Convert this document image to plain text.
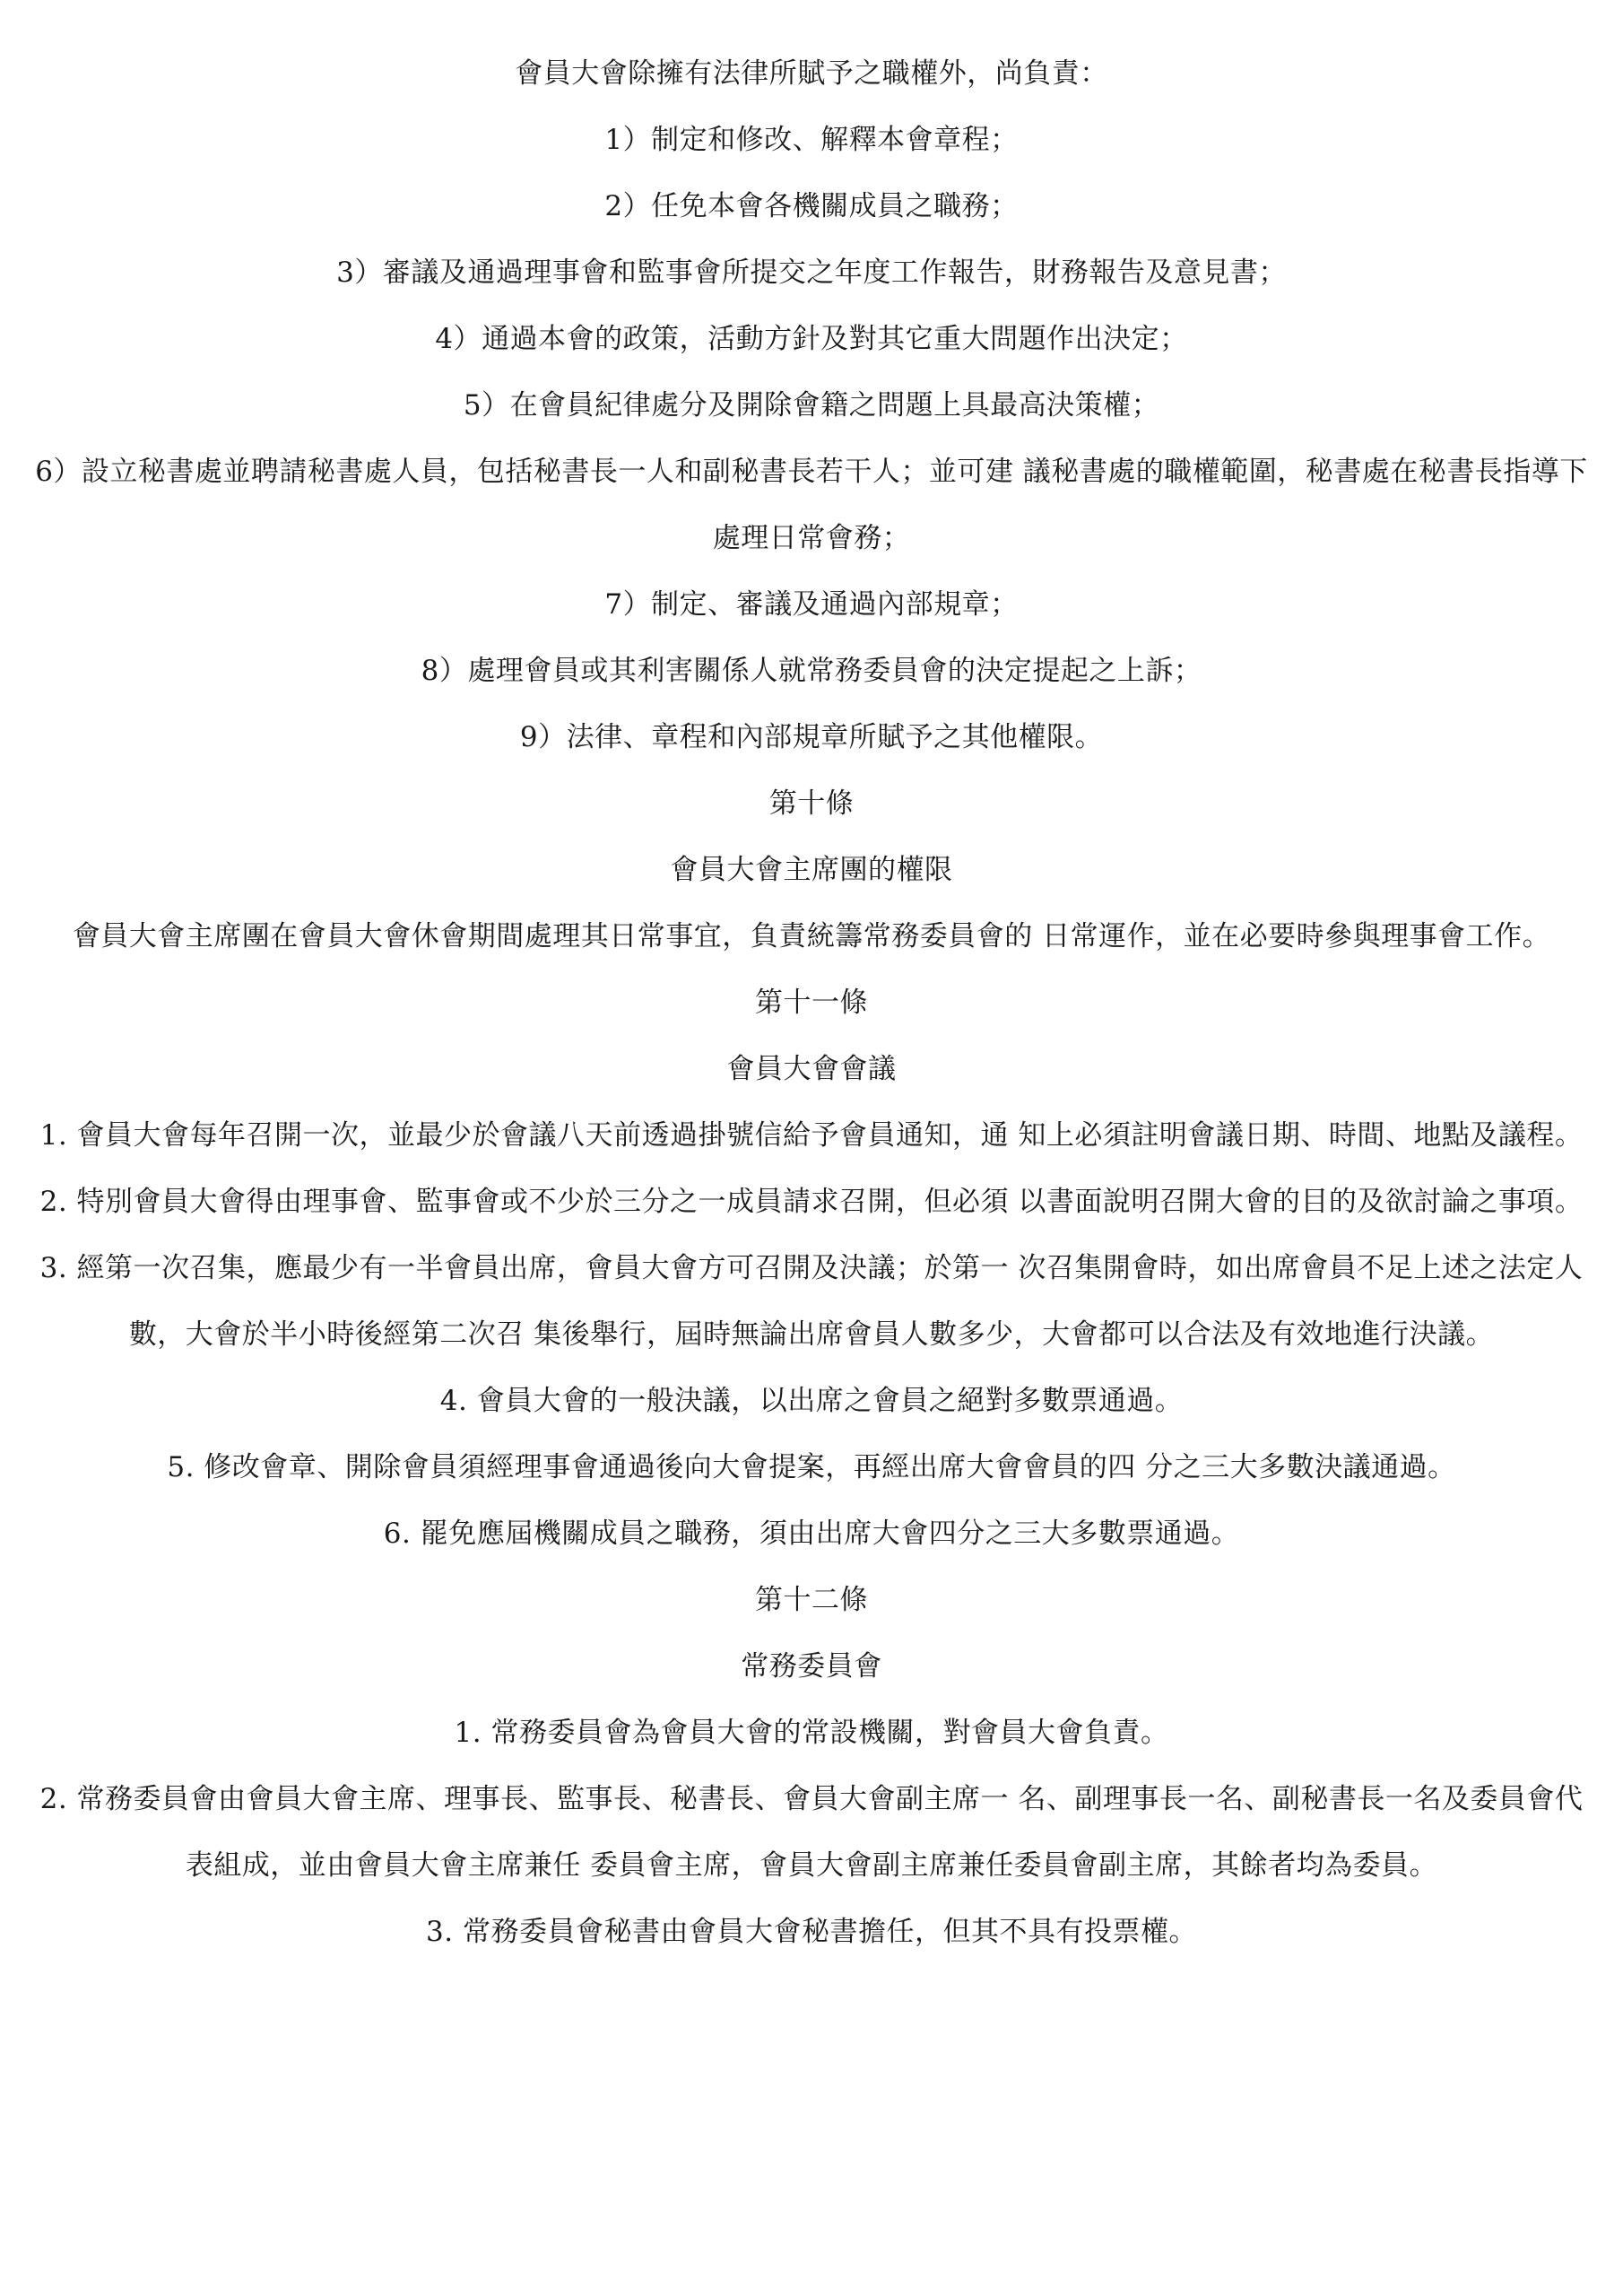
會員大會除擁有法律所賦予之職權外，尚負責：

1）制定和修改、解釋本會章程；

2）任免本會各機關成員之職務；

3）審議及通過理事會和監事會所提交之年度工作報告，財務報告及意見書；

4）通過本會的政策，活動方針及對其它重大問題作出決定；

5）在會員紀律處分及開除會籍之問題上具最高決策權；

6）設立秘書處並聘請秘書處人員，包括秘書長一人和副秘書長若干人；並可建 議秘書處的職權範圍，秘書處在秘書長指導下處理日常會務；

7）制定、審議及通過內部規章；

8）處理會員或其利害關係人就常務委員會的決定提起之上訴；

9）法律、章程和內部規章所賦予之其他權限。

第十條

會員大會主席團的權限

會員大會主席團在會員大會休會期間處理其日常事宜，負責統籌常務委員會的 日常運作，並在必要時參與理事會工作。

第十一條

會員大會會議

1. 會員大會每年召開一次，並最少於會議八天前透過掛號信給予會員通知，通 知上必須註明會議日期、時間、地點及議程。

2. 特別會員大會得由理事會、監事會或不少於三分之一成員請求召開，但必須 以書面說明召開大會的目的及欲討論之事項。

3. 經第一次召集，應最少有一半會員出席，會員大會方可召開及決議；於第一 次召集開會時，如出席會員不足上述之法定人數，大會於半小時後經第二次召 集後舉行，屆時無論出席會員人數多少，大會都可以合法及有效地進行決議。

4. 會員大會的一般決議，以出席之會員之絕對多數票通過。

5. 修改會章、開除會員須經理事會通過後向大會提案，再經出席大會會員的四 分之三大多數決議通過。

6. 罷免應屆機關成員之職務，須由出席大會四分之三大多數票通過。

第十二條

常務委員會

1. 常務委員會為會員大會的常設機關，對會員大會負責。

2. 常務委員會由會員大會主席、理事長、監事長、秘書長、會員大會副主席一 名、副理事長一名、副秘書長一名及委員會代表組成，並由會員大會主席兼任 委員會主席，會員大會副主席兼任委員會副主席，其餘者均為委員。

3. 常務委員會秘書由會員大會秘書擔任，但其不具有投票權。
